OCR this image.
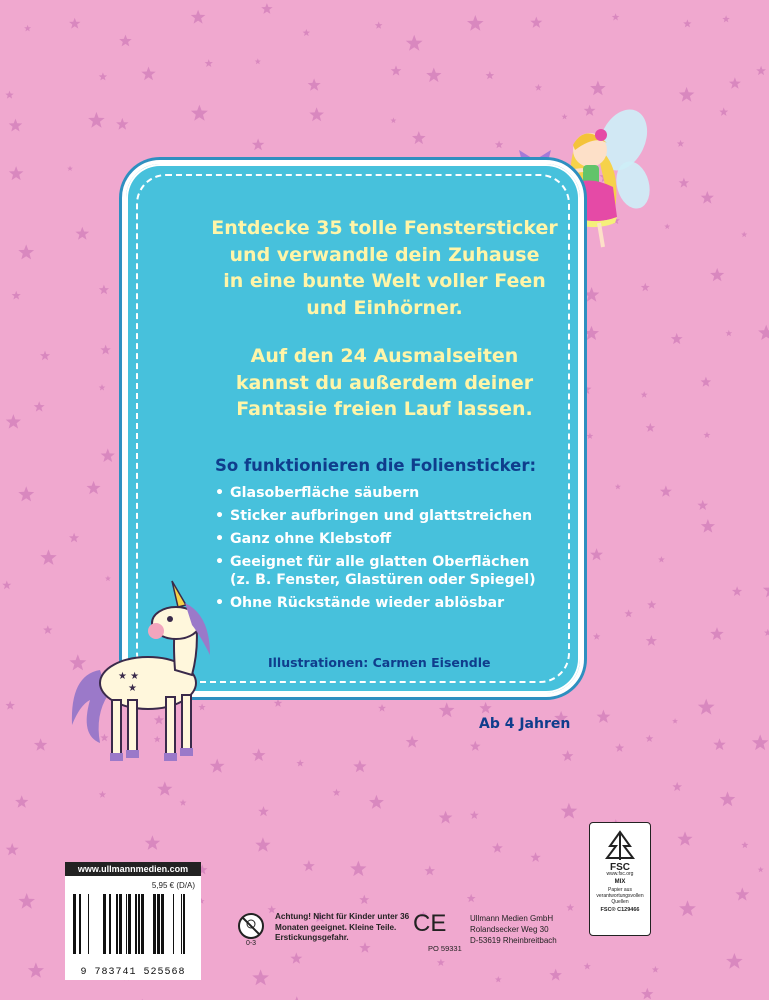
Entdecke 35 tolle Fenstersticker

und verwandle dein Zuhause

in eine bunte Welt voller Feen

und Einhörner.

Auf den 24 Ausmalseiten

kannst du außerdem deiner

Fantasie freien Lauf lassen.

So funktionieren die Foliensticker:
• Glasoberfläche säubern
• Sticker aufbringen und glattstreichen
• Ganz ohne Klebstoff
• Geeignet für alle glatten Oberflächen
(z. B. Fenster, Glastüren oder Spiegel)
• Ohne Rückstände wieder ablösbar
Illustrationen: Carmen Eisendle
★ ★
★
Ab 4 Jahren
www.ullmannmedien.com
5,95 € (D/A)
9 783741 525568
0-3
Achtung! Nicht für Kinder unter 36 Monaten geeignet. Kleine Teile. Erstickungsgefahr.
CE
PO 59331
Ullmann Medien GmbH
Rolandsecker Weg 30
D-53619 Rheinbreitbach
FSC
www.fsc.org
MIX
Papier aus verantwortungsvollen Quellen
FSC® C129466
